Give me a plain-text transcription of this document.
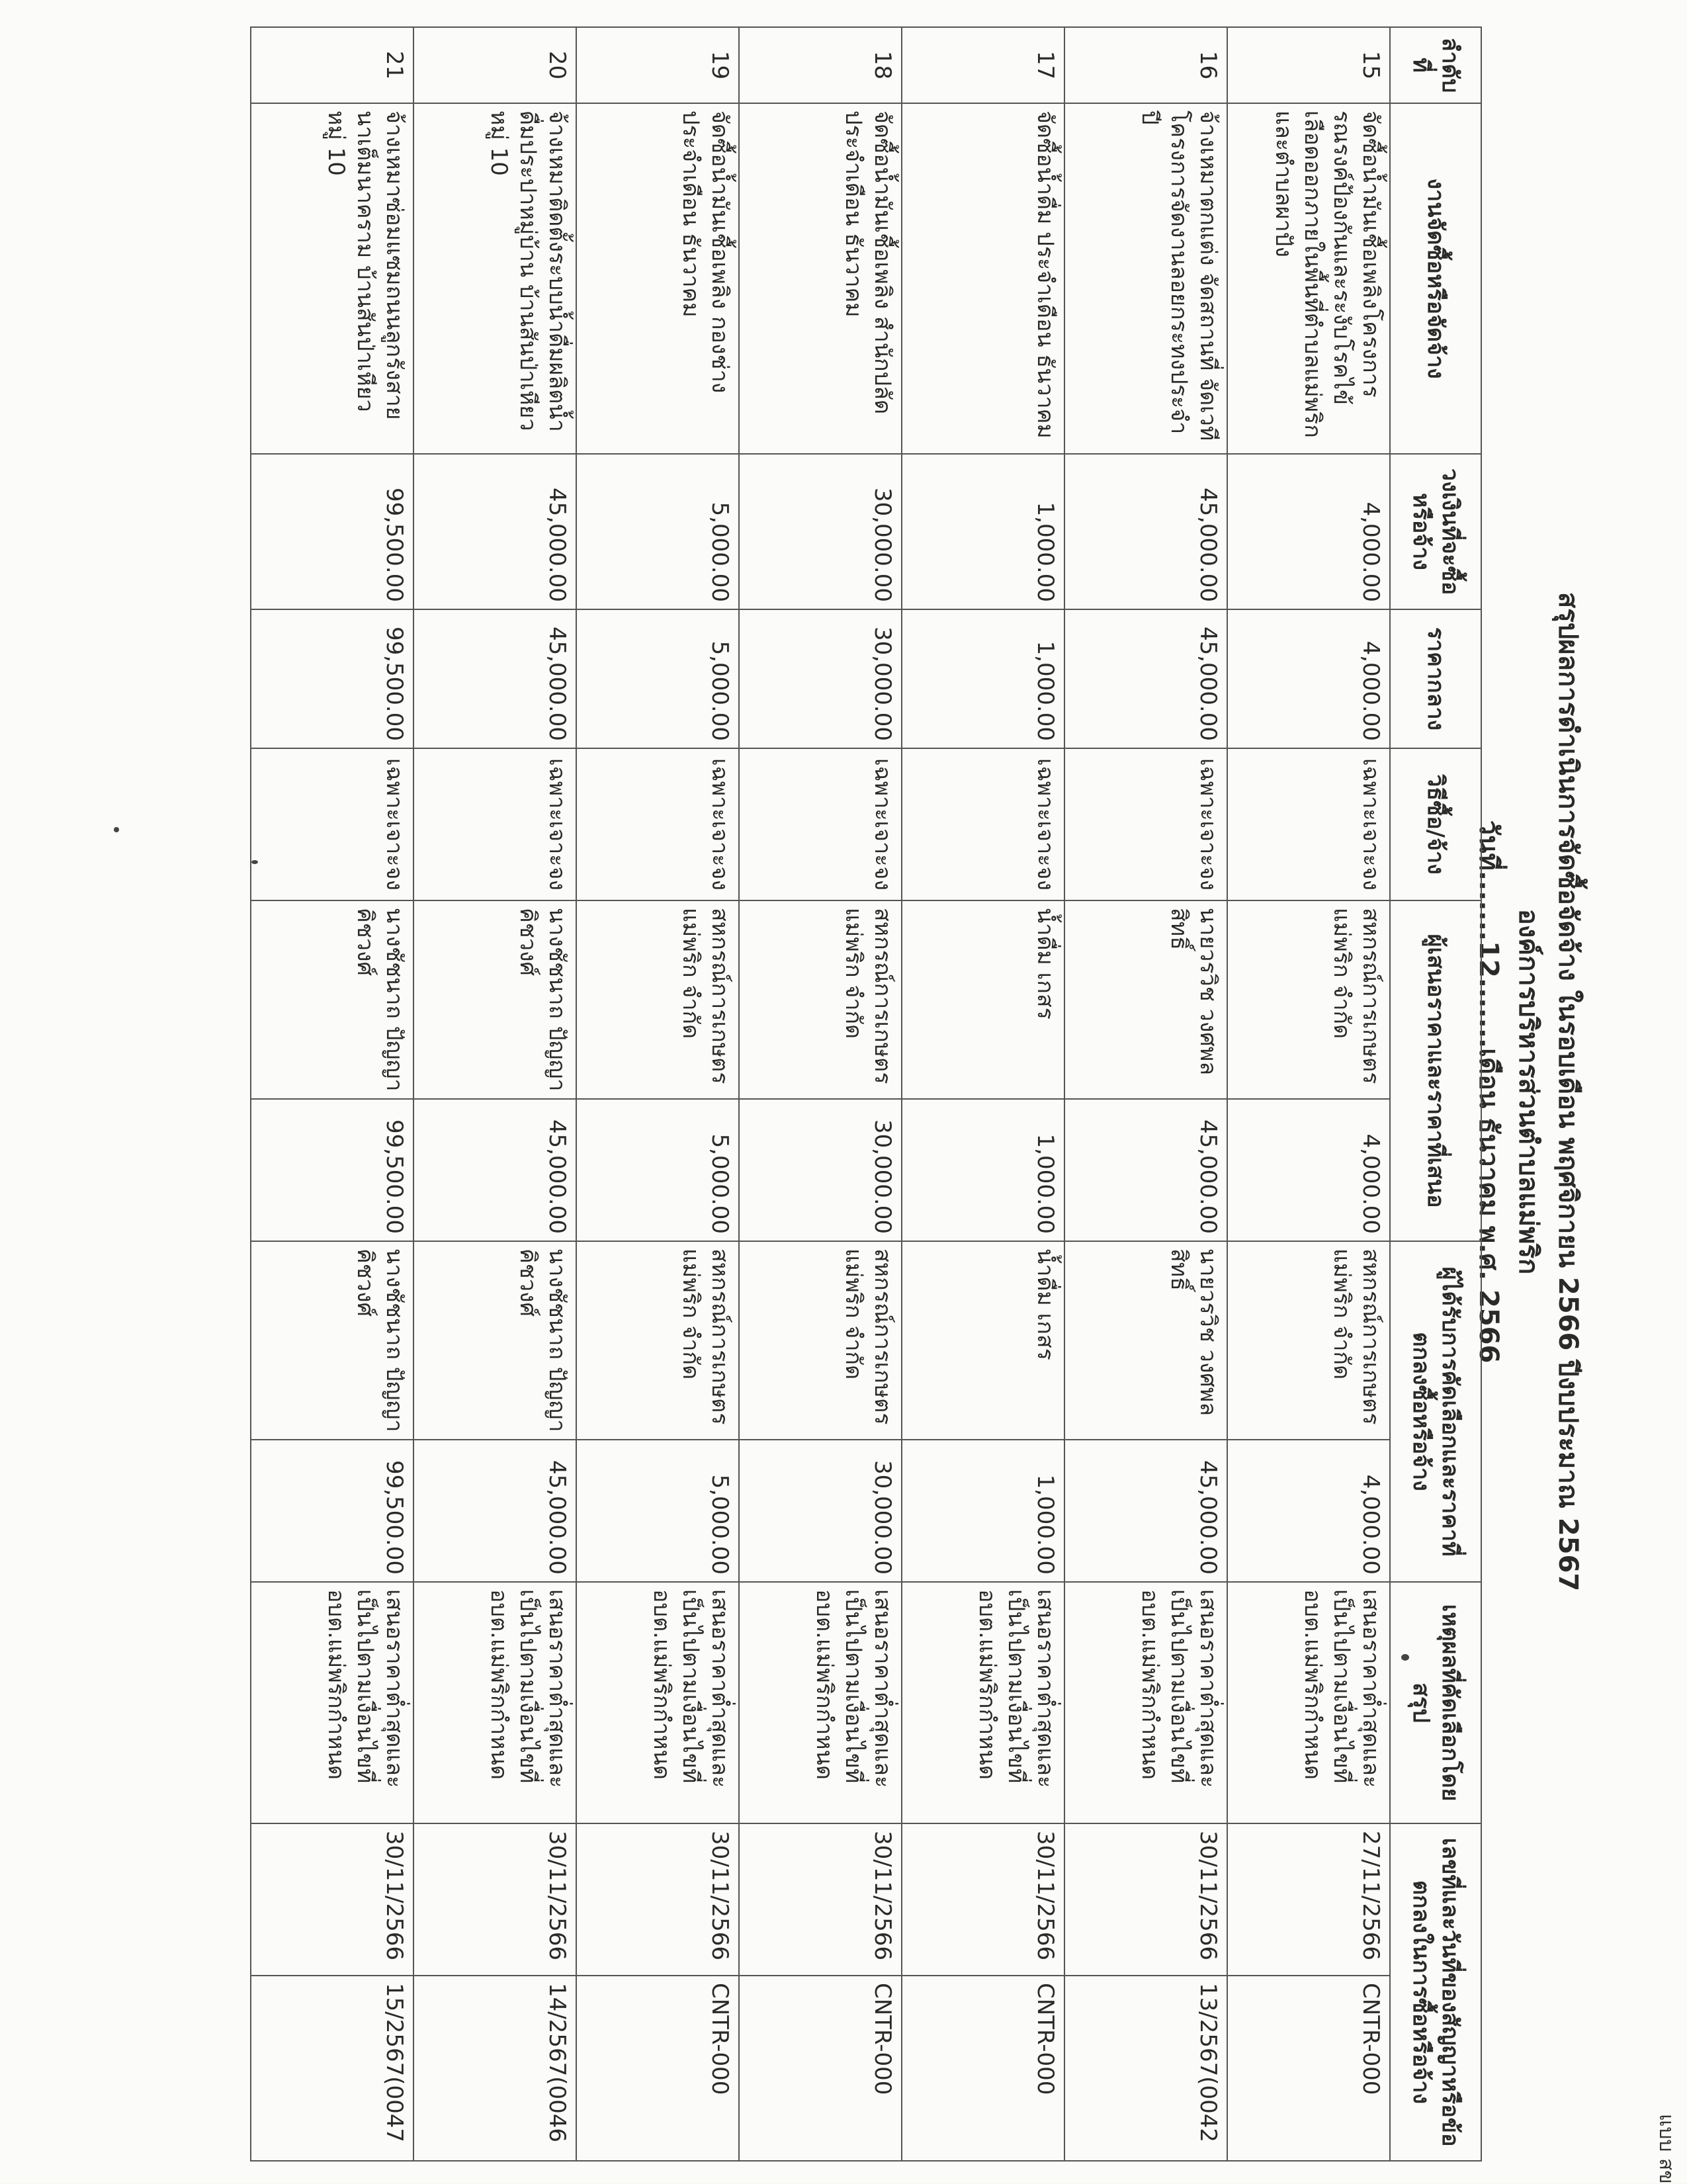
แบบ สข
สรุปผลการดำเนินการจัดซื้อจัดจ้าง ในรอบเดือน พฤศจิกายน 2566 ปีงบประมาณ 2567
องค์การบริหารส่วนตำบลแม่พริก
วันที่.......12.......เดือน ธันวาคม พ.ศ. 2566
ลำดับที่	งานจัดซื้อหรือจัดจ้าง	วงเงินที่จะซื้อหรือจ้าง	ราคากลาง	วิธีซื้อ/จ้าง	ผู้เสนอราคาและราคาที่เสนอ		ผู้ได้รับการคัดเลือกและราคาที่ตกลงซื้อหรือจ้าง		เหตุผลที่คัดเลือกโดยสรุป	เลขที่และวันที่ของสัญญาหรือข้อตกลงในการซื้อหรือจ้าง	
15	จัดซื้อน้ำมันเชื้อเพลิงโครงการรณรงค์ป้องกันและระงับโรคไข้เลือดออกภายในพื้นที่ตำบลแม่พริก และตำบลผาปัง	4,000.00	4,000.00	เฉพาะเจาะจง	สหกรณ์การเกษตรแม่พริก จำกัด	4,000.00	สหกรณ์การเกษตรแม่พริก จำกัด	4,000.00	เสนอราคาต่ำสุดและเป็นไปตามเงื่อนไขที่ อบต.แม่พริกกำหนด	27/11/2566	CNTR-000
16	จ้างเหมาตกแต่ง จัดสถานที่ จัดเวที โครงการจัดงานลอยกระทงประจำปี	45,000.00	45,000.00	เฉพาะเจาะจง	นายวรวิช วงศพลสิทธิ์	45,000.00	นายวรวิช วงศพลสิทธิ์	45,000.00	เสนอราคาต่ำสุดและเป็นไปตามเงื่อนไขที่ อบต.แม่พริกกำหนด	30/11/2566	13/2567(0042
17	จัดซื้อน้ำดื่ม ประจำเดือน ธันวาคม	1,000.00	1,000.00	เฉพาะเจาะจง	น้ำดื่ม เกสร	1,000.00	น้ำดื่ม เกสร	1,000.00	เสนอราคาต่ำสุดและเป็นไปตามเงื่อนไขที่ อบต.แม่พริกกำหนด	30/11/2566	CNTR-000
18	จัดซื้อน้ำมันเชื้อเพลิง สำนักปลัด ประจำเดือน ธันวาคม	30,000.00	30,000.00	เฉพาะเจาะจง	สหกรณ์การเกษตรแม่พริก จำกัด	30,000.00	สหกรณ์การเกษตรแม่พริก จำกัด	30,000.00	เสนอราคาต่ำสุดและเป็นไปตามเงื่อนไขที่ อบต.แม่พริกกำหนด	30/11/2566	CNTR-000
19	จัดซื้อน้ำมันเชื้อเพลิง กองช่าง ประจำเดือน ธันวาคม	5,000.00	5,000.00	เฉพาะเจาะจง	สหกรณ์การเกษตรแม่พริก จำกัด	5,000.00	สหกรณ์การเกษตรแม่พริก จำกัด	5,000.00	เสนอราคาต่ำสุดและเป็นไปตามเงื่อนไขที่ อบต.แม่พริกกำหนด	30/11/2566	CNTR-000
20	จ้างเหมาติดตั้งระบบน้ำดื่มผลิตน้ำดื่มประปาหมู่บ้าน บ้านสันป่าเหียว หมู่ 10	45,000.00	45,000.00	เฉพาะเจาะจง	นางชัชนาถ ปัญญา คิชวงศ์	45,000.00	นางชัชนาถ ปัญญา คิชวงศ์	45,000.00	เสนอราคาต่ำสุดและเป็นไปตามเงื่อนไขที่ อบต.แม่พริกกำหนด	30/11/2566	14/2567(0046
21	จ้างเหมาซ่อมแซมถนนลูกรังสายนาเต็มนาคราม บ้านสันป่าเหียว หมู่ 10	99,500.00	99,500.00	เฉพาะเจาะจง	นางชัชนาถ ปัญญา คิชวงศ์	99,500.00	นางชัชนาถ ปัญญา คิชวงศ์	99,500.00	เสนอราคาต่ำสุดและเป็นไปตามเงื่อนไขที่ อบต.แม่พริกกำหนด	30/11/2566	15/2567(0047
